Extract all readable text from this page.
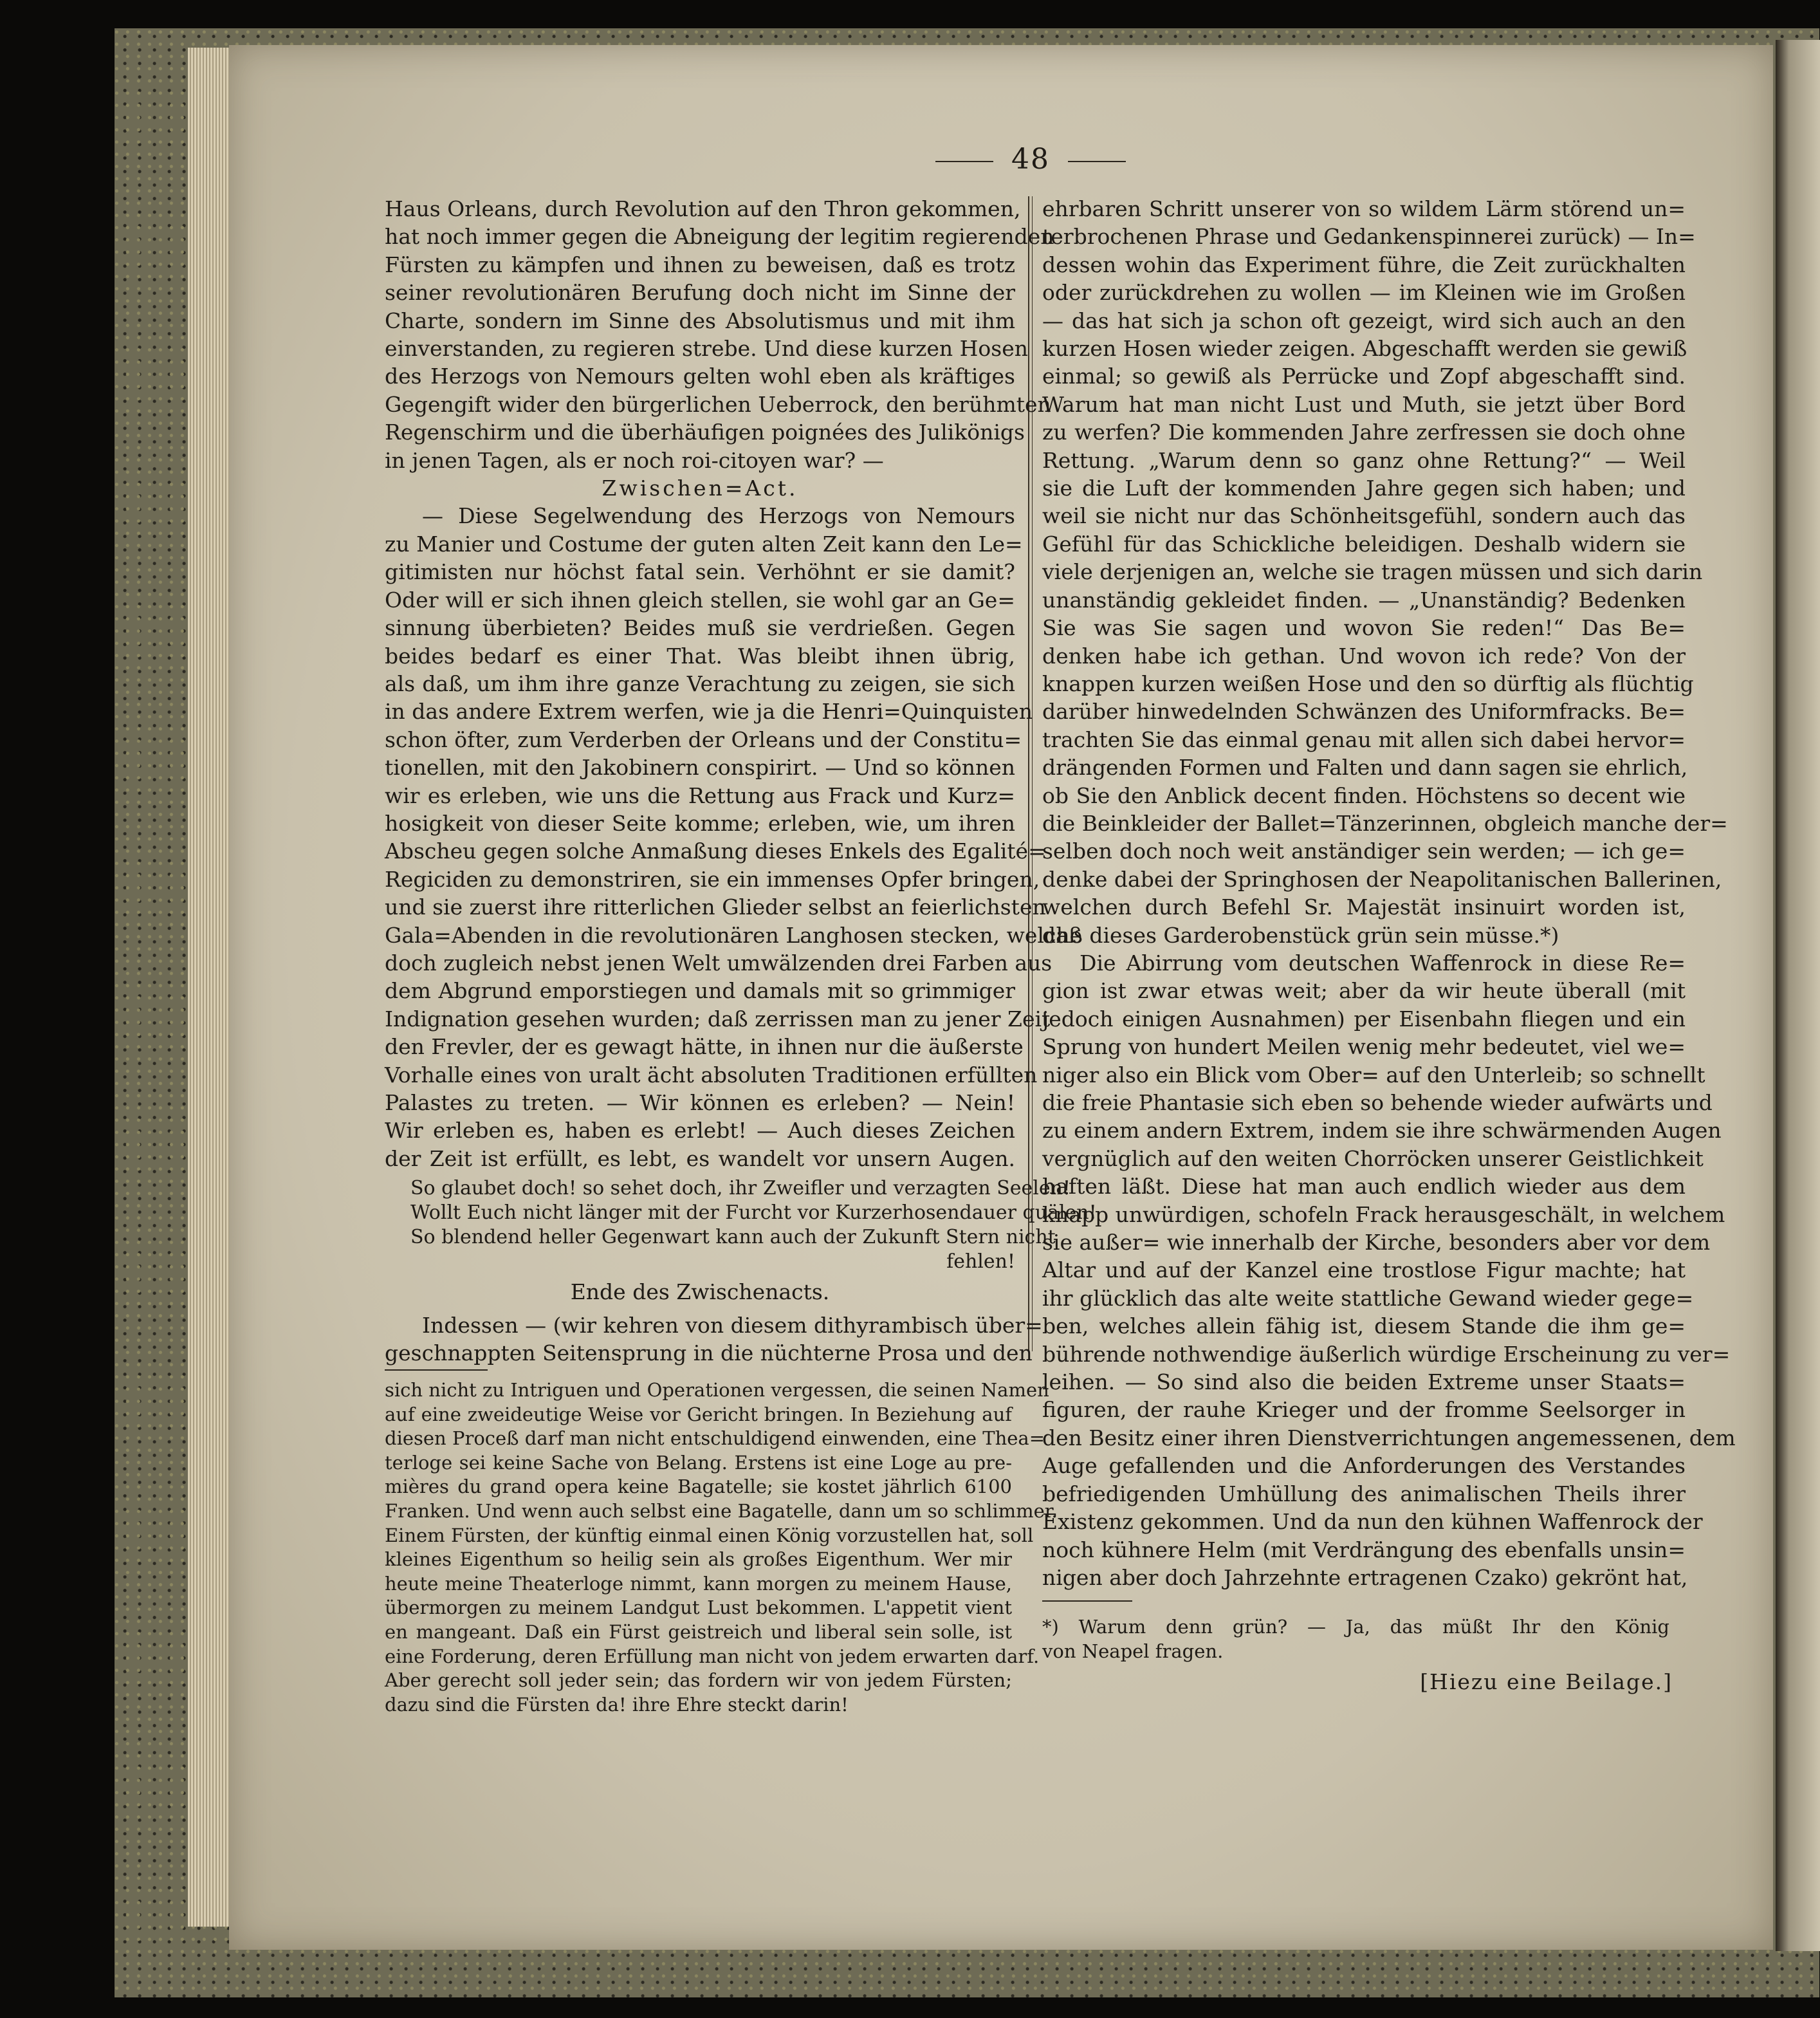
48

Haus Orleans, durch Revolution auf den Thron gekommen,

hat noch immer gegen die Abneigung der legitim regierenden

Fürsten zu kämpfen und ihnen zu beweisen, daß es trotz

seiner revolutionären Berufung doch nicht im Sinne der

Charte, sondern im Sinne des Absolutismus und mit ihm

einverstanden, zu regieren strebe. Und diese kurzen Hosen

des Herzogs von Nemours gelten wohl eben als kräftiges

Gegengift wider den bürgerlichen Ueberrock, den berühmten

Regenschirm und die überhäufigen poignées des Julikönigs

in jenen Tagen, als er noch roi-citoyen war? —

Zwischen=Act.

— Diese Segelwendung des Herzogs von Nemours

zu Manier und Costume der guten alten Zeit kann den Le=

gitimisten nur höchst fatal sein. Verhöhnt er sie damit?

Oder will er sich ihnen gleich stellen, sie wohl gar an Ge=

sinnung überbieten? Beides muß sie verdrießen. Gegen

beides bedarf es einer That. Was bleibt ihnen übrig,

als daß, um ihm ihre ganze Verachtung zu zeigen, sie sich

in das andere Extrem werfen, wie ja die Henri=Quinquisten

schon öfter, zum Verderben der Orleans und der Constitu=

tionellen, mit den Jakobinern conspirirt. — Und so können

wir es erleben, wie uns die Rettung aus Frack und Kurz=

hosigkeit von dieser Seite komme; erleben, wie, um ihren

Abscheu gegen solche Anmaßung dieses Enkels des Egalité=

Regiciden zu demonstriren, sie ein immenses Opfer bringen,

und sie zuerst ihre ritterlichen Glieder selbst an feierlichsten

Gala=Abenden in die revolutionären Langhosen stecken, welche

doch zugleich nebst jenen Welt umwälzenden drei Farben aus

dem Abgrund emporstiegen und damals mit so grimmiger

Indignation gesehen wurden; daß zerrissen man zu jener Zeit

den Frevler, der es gewagt hätte, in ihnen nur die äußerste

Vorhalle eines von uralt ächt absoluten Traditionen erfüllten

Palastes zu treten. — Wir können es erleben? — Nein!

Wir erleben es, haben es erlebt! — Auch dieses Zeichen

der Zeit ist erfüllt, es lebt, es wandelt vor unsern Augen.

So glaubet doch! so sehet doch, ihr Zweifler und verzagten Seelen!

Wollt Euch nicht länger mit der Furcht vor Kurzerhosendauer quälen!

So blendend heller Gegenwart kann auch der Zukunft Stern nicht

fehlen!

Ende des Zwischenacts.

Indessen — (wir kehren von diesem dithyrambisch über=

geschnappten Seitensprung in die nüchterne Prosa und den

sich nicht zu Intriguen und Operationen vergessen, die seinen Namen

auf eine zweideutige Weise vor Gericht bringen. In Beziehung auf

diesen Proceß darf man nicht entschuldigend einwenden, eine Thea=

terloge sei keine Sache von Belang. Erstens ist eine Loge au pre-

mières du grand opera keine Bagatelle; sie kostet jährlich 6100

Franken. Und wenn auch selbst eine Bagatelle, dann um so schlimmer.

Einem Fürsten, der künftig einmal einen König vorzustellen hat, soll

kleines Eigenthum so heilig sein als großes Eigenthum. Wer mir

heute meine Theaterloge nimmt, kann morgen zu meinem Hause,

übermorgen zu meinem Landgut Lust bekommen. L'appetit vient

en mangeant. Daß ein Fürst geistreich und liberal sein solle, ist

eine Forderung, deren Erfüllung man nicht von jedem erwarten darf.

Aber gerecht soll jeder sein; das fordern wir von jedem Fürsten;

dazu sind die Fürsten da! ihre Ehre steckt darin!

ehrbaren Schritt unserer von so wildem Lärm störend un=

terbrochenen Phrase und Gedankenspinnerei zurück) — In=

dessen wohin das Experiment führe, die Zeit zurückhalten

oder zurückdrehen zu wollen — im Kleinen wie im Großen

— das hat sich ja schon oft gezeigt, wird sich auch an den

kurzen Hosen wieder zeigen. Abgeschafft werden sie gewiß

einmal; so gewiß als Perrücke und Zopf abgeschafft sind.

Warum hat man nicht Lust und Muth, sie jetzt über Bord

zu werfen? Die kommenden Jahre zerfressen sie doch ohne

Rettung. „Warum denn so ganz ohne Rettung?“ — Weil

sie die Luft der kommenden Jahre gegen sich haben; und

weil sie nicht nur das Schönheitsgefühl, sondern auch das

Gefühl für das Schickliche beleidigen. Deshalb widern sie

viele derjenigen an, welche sie tragen müssen und sich darin

unanständig gekleidet finden. — „Unanständig? Bedenken

Sie was Sie sagen und wovon Sie reden!“ Das Be=

denken habe ich gethan. Und wovon ich rede? Von der

knappen kurzen weißen Hose und den so dürftig als flüchtig

darüber hinwedelnden Schwänzen des Uniformfracks. Be=

trachten Sie das einmal genau mit allen sich dabei hervor=

drängenden Formen und Falten und dann sagen sie ehrlich,

ob Sie den Anblick decent finden. Höchstens so decent wie

die Beinkleider der Ballet=Tänzerinnen, obgleich manche der=

selben doch noch weit anständiger sein werden; — ich ge=

denke dabei der Springhosen der Neapolitanischen Ballerinen,

welchen durch Befehl Sr. Majestät insinuirt worden ist,

daß dieses Garderobenstück grün sein müsse.*)

Die Abirrung vom deutschen Waffenrock in diese Re=

gion ist zwar etwas weit; aber da wir heute überall (mit

jedoch einigen Ausnahmen) per Eisenbahn fliegen und ein

Sprung von hundert Meilen wenig mehr bedeutet, viel we=

niger also ein Blick vom Ober= auf den Unterleib; so schnellt

die freie Phantasie sich eben so behende wieder aufwärts und

zu einem andern Extrem, indem sie ihre schwärmenden Augen

vergnüglich auf den weiten Chorröcken unserer Geistlichkeit

haften läßt. Diese hat man auch endlich wieder aus dem

knapp unwürdigen, schofeln Frack herausgeschält, in welchem

sie außer= wie innerhalb der Kirche, besonders aber vor dem

Altar und auf der Kanzel eine trostlose Figur machte; hat

ihr glücklich das alte weite stattliche Gewand wieder gege=

ben, welches allein fähig ist, diesem Stande die ihm ge=

bührende nothwendige äußerlich würdige Erscheinung zu ver=

leihen. — So sind also die beiden Extreme unser Staats=

figuren, der rauhe Krieger und der fromme Seelsorger in

den Besitz einer ihren Dienstverrichtungen angemessenen, dem

Auge gefallenden und die Anforderungen des Verstandes

befriedigenden Umhüllung des animalischen Theils ihrer

Existenz gekommen. Und da nun den kühnen Waffenrock der

noch kühnere Helm (mit Verdrängung des ebenfalls unsin=

nigen aber doch Jahrzehnte ertragenen Czako) gekrönt hat,

*) Warum denn grün? — Ja, das müßt Ihr den König

von Neapel fragen.

[Hiezu eine Beilage.]
